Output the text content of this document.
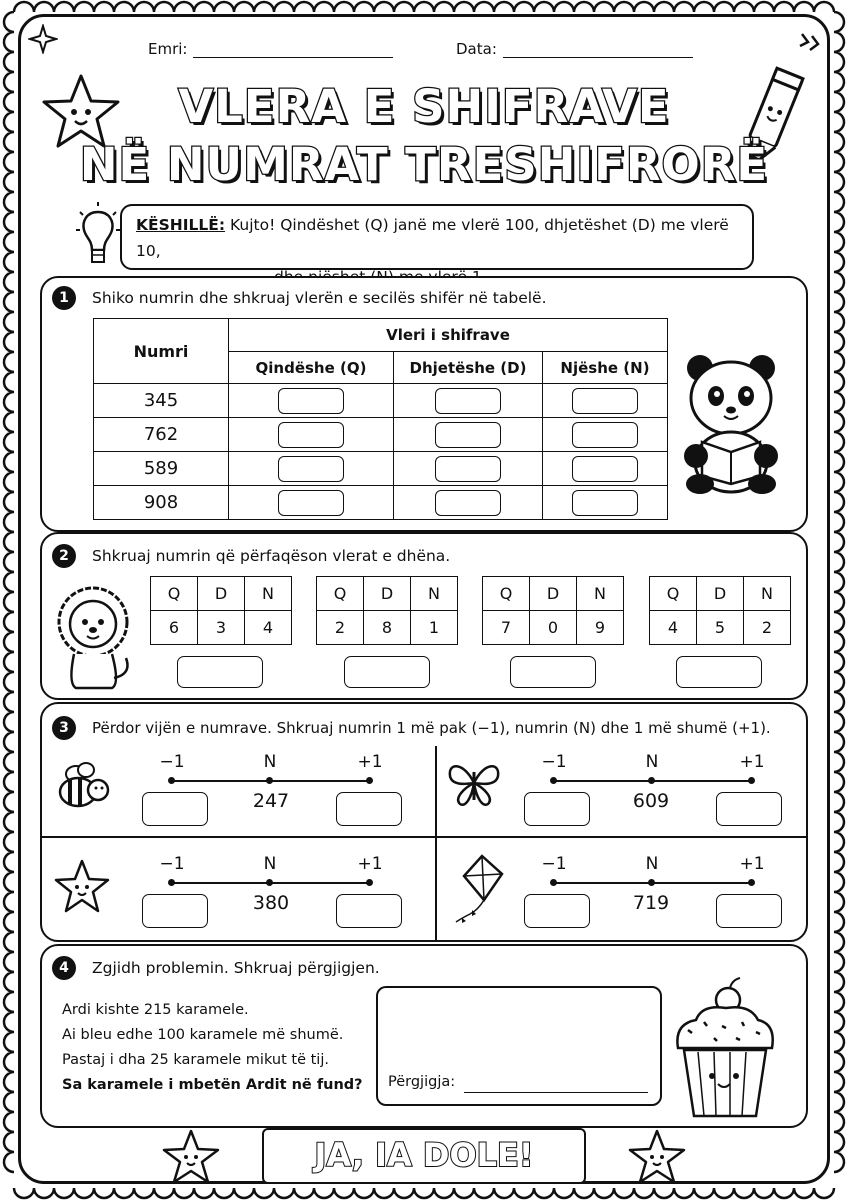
Emri:	Data:
VLERA E SHIFRAVE
NË NUMRAT TRESHIFRORË
KËSHILLË: Kujto! Qindëshet (Q) janë me vlerë 100, dhjetëshet (D) me vlerë 10,
1	Shiko numrin dhe shkruaj vlerën e secilës shifër në tabelë.
Numri	Vleri i shifrave		
	Qindëshe (Q)	Dhjetëshe (D)	Njëshe (N)
345			
762			
589			
908			
2	Shkruaj numrin që përfaqëson vlerat e dhëna.
Q	D	N
6	3	4
Q	D	N
2	8	1
Q	D	N
7	0	9
Q	D	N
4	5	2
3	Përdor vijën e numrave. Shkruaj numrin 1 më pak (−1), numrin (N) dhe 1 më shumë (+1).
−1	N	+1
247
−1	N	+1
609
−1	N	+1
380
−1	N	+1
719
4	Zgjidh problemin. Shkruaj përgjigjen.
Ardi kishte 215 karamele.
Ai bleu edhe 100 karamele më shumë.
Pastaj i dha 25 karamele mikut të tij.
Sa karamele i mbetën Ardit në fund? Përgjigja:
JA, IA DOLE!
